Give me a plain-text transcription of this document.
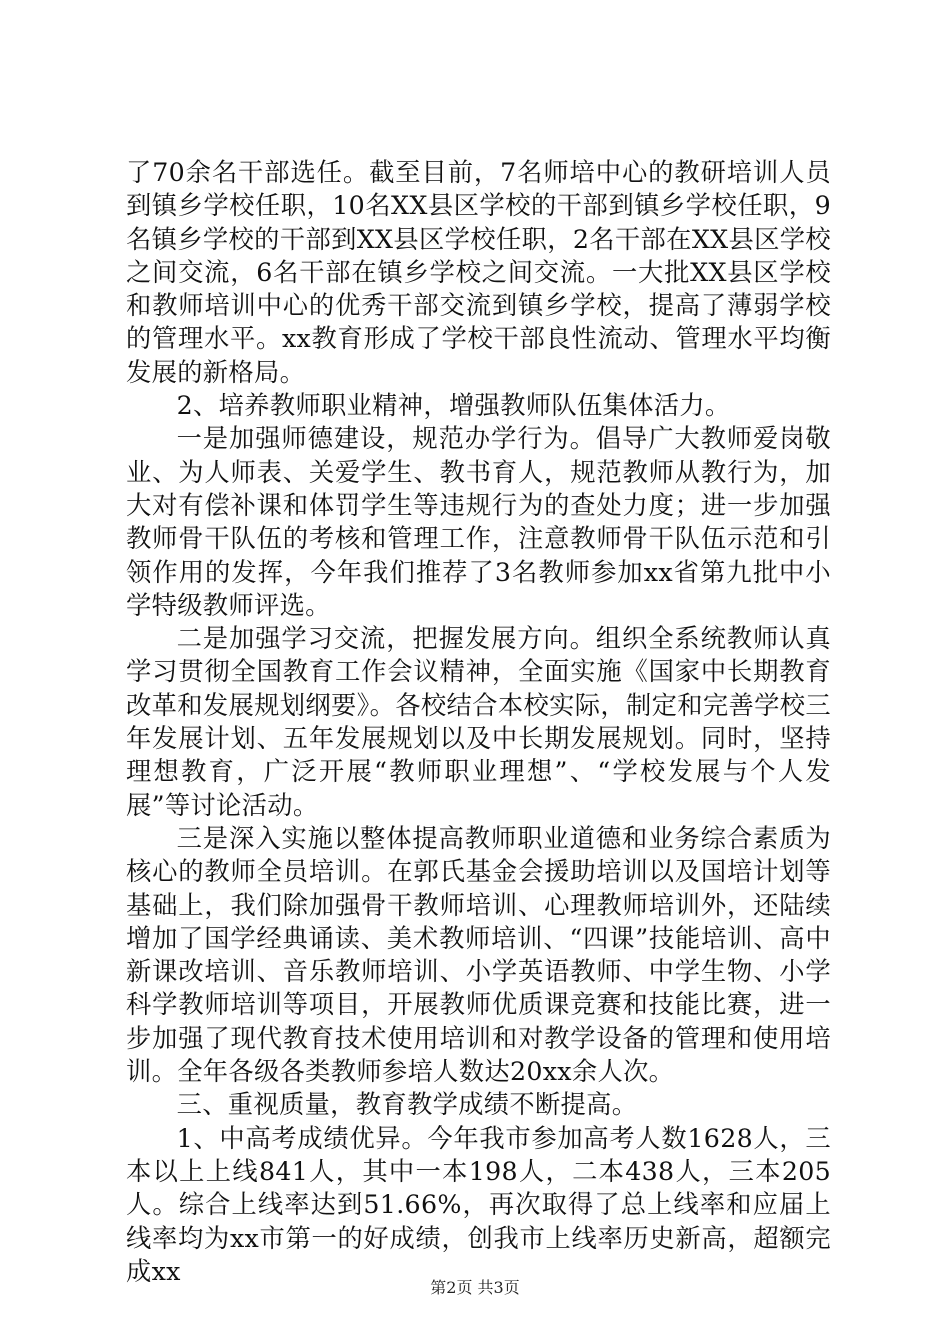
了70余名干部选任。截至目前，7名师培中心的教研培训人员到镇乡学校任职，10名XX县区学校的干部到镇乡学校任职，9名镇乡学校的干部到XX县区学校任职，2名干部在XX县区学校之间交流，6名干部在镇乡学校之间交流。一大批XX县区学校和教师培训中心的优秀干部交流到镇乡学校，提高了薄弱学校的管理水平。xx教育形成了学校干部良性流动、管理水平均衡发展的新格局。

2、培养教师职业精神，增强教师队伍集体活力。

一是加强师德建设，规范办学行为。倡导广大教师爱岗敬业、为人师表、关爱学生、教书育人，规范教师从教行为，加大对有偿补课和体罚学生等违规行为的查处力度；进一步加强教师骨干队伍的考核和管理工作，注意教师骨干队伍示范和引领作用的发挥，今年我们推荐了3名教师参加xx省第九批中小学特级教师评选。

二是加强学习交流，把握发展方向。组织全系统教师认真学习贯彻全国教育工作会议精神，全面实施《国家中长期教育改革和发展规划纲要》。各校结合本校实际，制定和完善学校三年发展计划、五年发展规划以及中长期发展规划。同时，坚持理想教育，广泛开展“教师职业理想”、“学校发展与个人发展”等讨论活动。

三是深入实施以整体提高教师职业道德和业务综合素质为核心的教师全员培训。在郭氏基金会援助培训以及国培计划等基础上，我们除加强骨干教师培训、心理教师培训外，还陆续增加了国学经典诵读、美术教师培训、“四课”技能培训、高中新课改培训、音乐教师培训、小学英语教师、中学生物、小学科学教师培训等项目，开展教师优质课竞赛和技能比赛，进一步加强了现代教育技术使用培训和对教学设备的管理和使用培训。全年各级各类教师参培人数达20xx余人次。

三、重视质量，教育教学成绩不断提高。

1、中高考成绩优异。今年我市参加高考人数1628人，三本以上上线841人，其中一本198人，二本438人，三本205人。综合上线率达到51.66%，再次取得了总上线率和应届上线率均为xx市第一的好成绩，创我市上线率历史新高，超额完成xx

第2页 共3页
